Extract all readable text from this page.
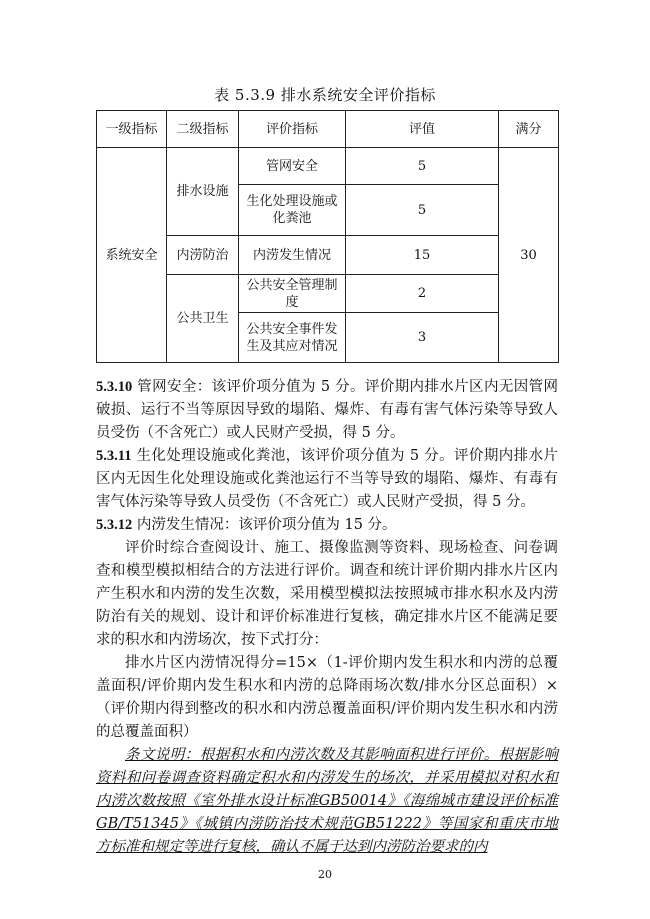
表 5.3.9 排水系统安全评价指标
一级指标	二级指标	评价指标	评值	满分
系统安全	排水设施	管网安全	5	30
		生化处理设施或化粪池	5	
	内涝防治	内涝发生情况	15	
	公共卫生	公共安全管理制度	2	
		公共安全事件发生及其应对情况	3	

5.3.10 管网安全：该评价项分值为 5 分。评价期内排水片区内无因管网破损、运行不当等原因导致的塌陷、爆炸、有毒有害气体污染等导致人员受伤（不含死亡）或人民财产受损，得 5 分。

5.3.11 生化处理设施或化粪池，该评价项分值为 5 分。评价期内排水片区内无因生化处理设施或化粪池运行不当等导致的塌陷、爆炸、有毒有害气体污染等导致人员受伤（不含死亡）或人民财产受损，得 5 分。

5.3.12 内涝发生情况：该评价项分值为 15 分。

评价时综合查阅设计、施工、摄像监测等资料、现场检查、问卷调查和模型模拟相结合的方法进行评价。调查和统计评价期内排水片区内产生积水和内涝的发生次数，采用模型模拟法按照城市排水积水及内涝防治有关的规划、设计和评价标准进行复核，确定排水片区不能满足要求的积水和内涝场次，按下式打分：

排水片区内涝情况得分=15×（1-评价期内发生积水和内涝的总覆盖面积/评价期内发生积水和内涝的总降雨场次数/排水分区总面积）×（评价期内得到整改的积水和内涝总覆盖面积/评价期内发生积水和内涝的总覆盖面积）

条文说明：根据积水和内涝次数及其影响面积进行评价。根据影响资料和问卷调查资料确定积水和内涝发生的场次，并采用模拟对积水和内涝次数按照《室外排水设计标准GB50014》《海绵城市建设评价标准GB/T51345》《城镇内涝防治技术规范GB51222》等国家和重庆市地方标准和规定等进行复核，确认不属于达到内涝防治要求的内

20
